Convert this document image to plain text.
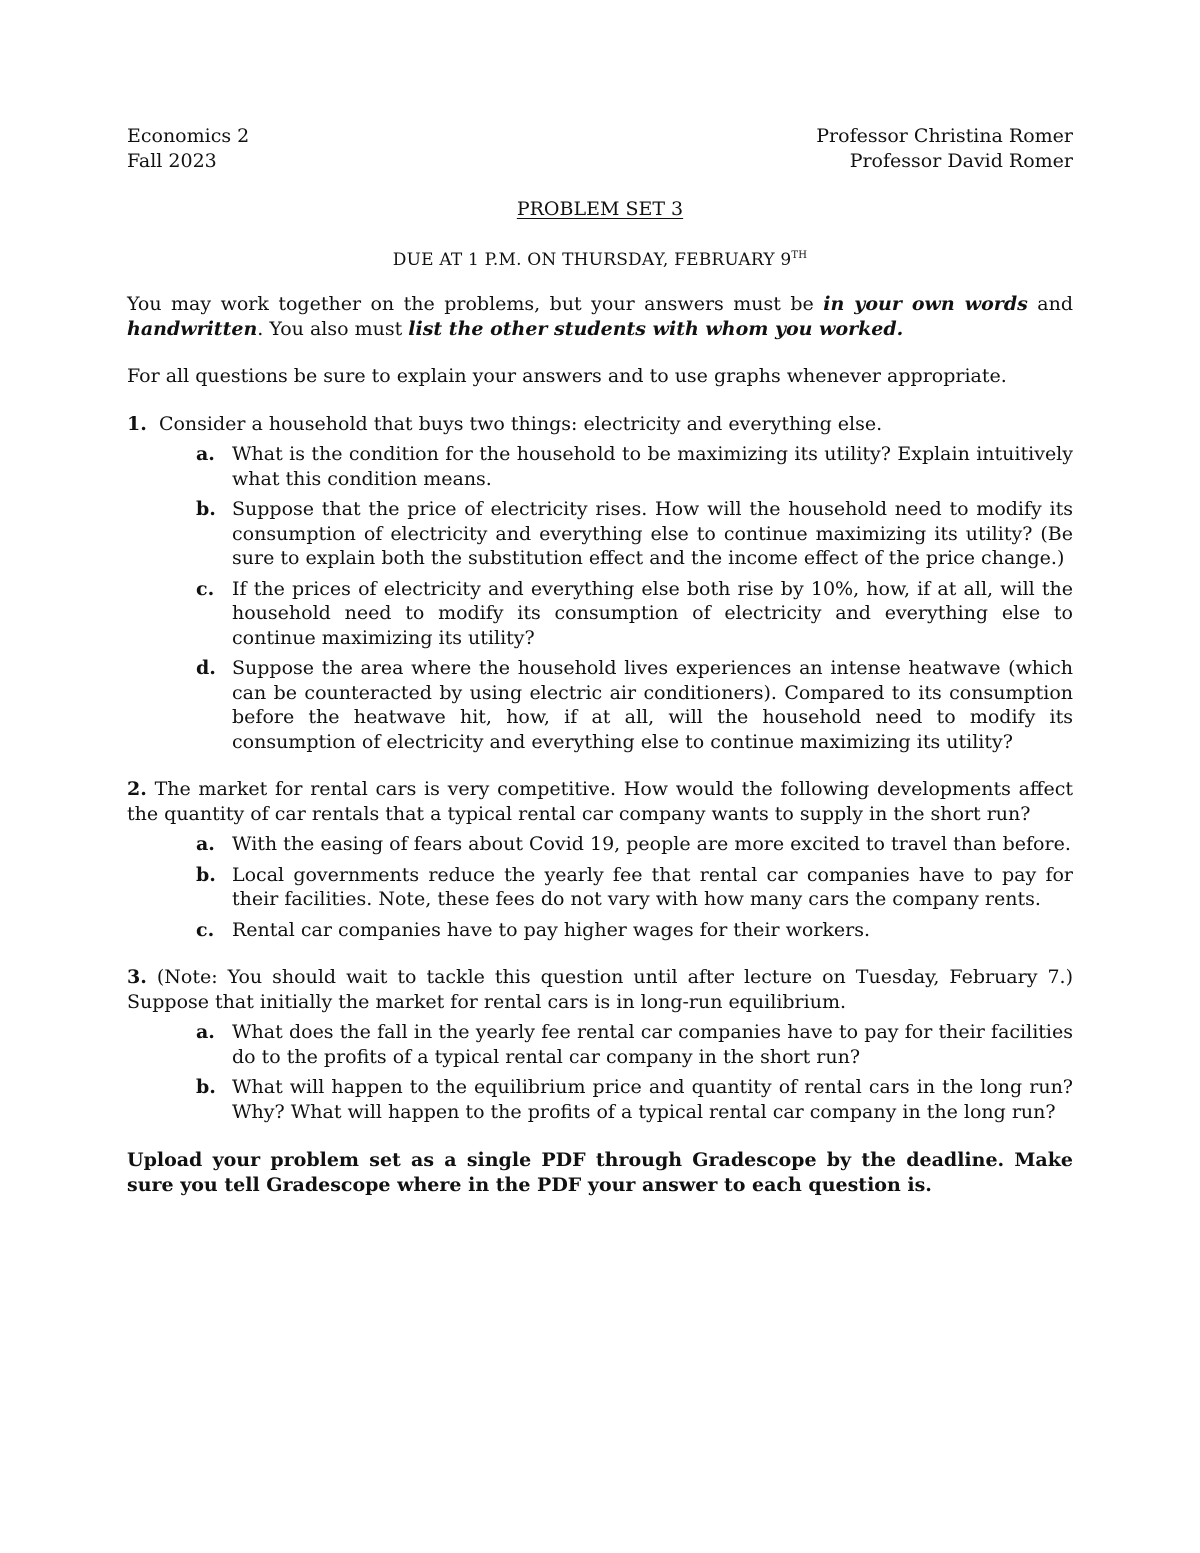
Economics 2
Fall 2023
Professor Christina Romer
Professor David Romer
PROBLEM SET 3
DUE AT 1 P.M. ON THURSDAY, FEBRUARY 9TH

You may work together on the problems, but your answers must be in your own words and handwritten. You also must list the other students with whom you worked.

For all questions be sure to explain your answers and to use graphs whenever appropriate.

1. Consider a household that buys two things: electricity and everything else.

a. What is the condition for the household to be maximizing its utility? Explain intuitively what this condition means.
b. Suppose that the price of electricity rises. How will the household need to modify its consumption of electricity and everything else to continue maximizing its utility? (Be sure to explain both the substitution effect and the income effect of the price change.)
c. If the prices of electricity and everything else both rise by 10%, how, if at all, will the household need to modify its consumption of electricity and everything else to continue maximizing its utility?
d. Suppose the area where the household lives experiences an intense heatwave (which can be counteracted by using electric air conditioners). Compared to its consumption before the heatwave hit, how, if at all, will the household need to modify its consumption of electricity and everything else to continue maximizing its utility?

2. The market for rental cars is very competitive. How would the following developments affect the quantity of car rentals that a typical rental car company wants to supply in the short run?

a. With the easing of fears about Covid 19, people are more excited to travel than before.
b. Local governments reduce the yearly fee that rental car companies have to pay for their facilities. Note, these fees do not vary with how many cars the company rents.
c. Rental car companies have to pay higher wages for their workers.

3. (Note: You should wait to tackle this question until after lecture on Tuesday, February 7.) Suppose that initially the market for rental cars is in long-run equilibrium.

a. What does the fall in the yearly fee rental car companies have to pay for their facilities do to the profits of a typical rental car company in the short run?
b. What will happen to the equilibrium price and quantity of rental cars in the long run? Why? What will happen to the profits of a typical rental car company in the long run?

Upload your problem set as a single PDF through Gradescope by the deadline. Make sure you tell Gradescope where in the PDF your answer to each question is.
